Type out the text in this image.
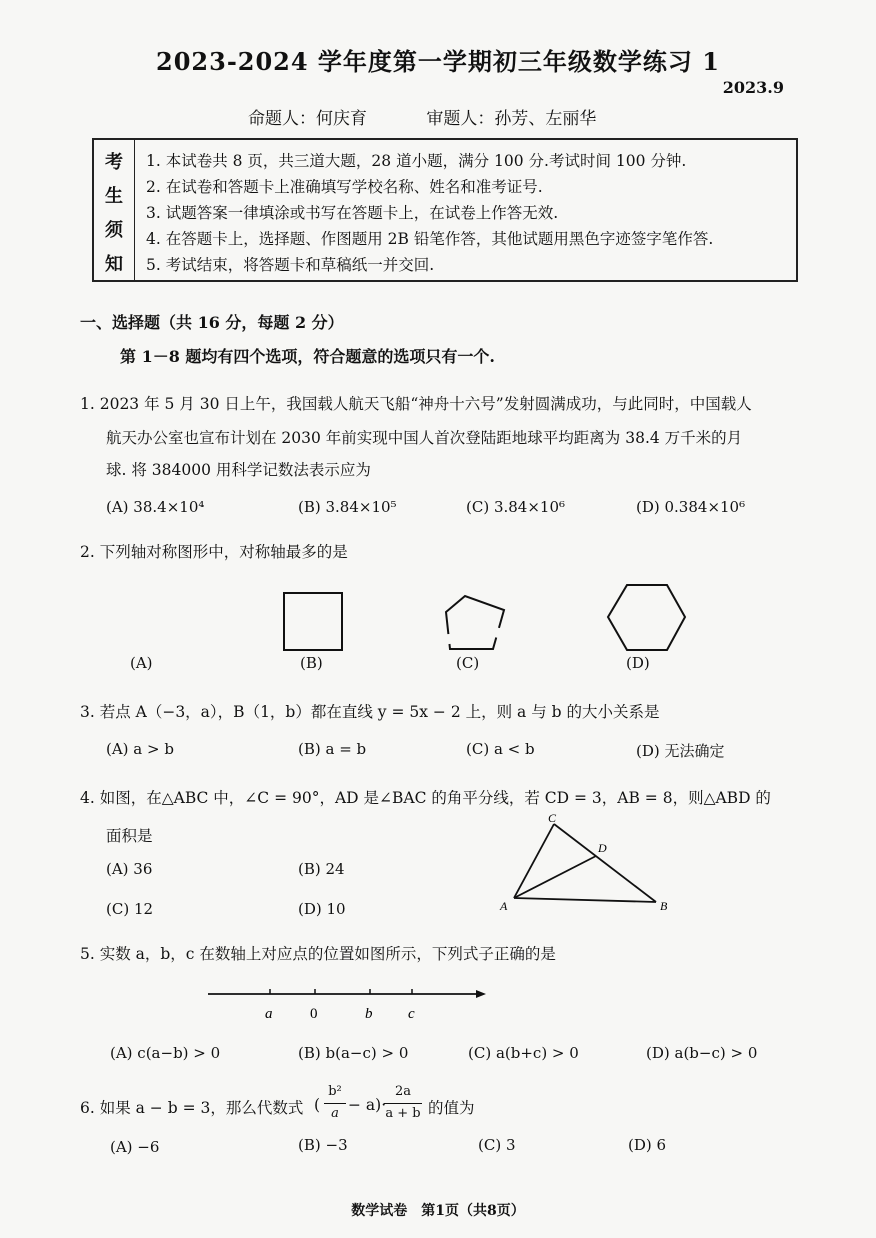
2023-2024 学年度第一学期初三年级数学练习 1
2023.9
命题人：何庆育	审题人：孙芳、左丽华
考
生
须
知
1. 本试卷共 8 页，共三道大题，28 道小题，满分 100 分.考试时间 100 分钟.
2. 在试卷和答题卡上准确填写学校名称、姓名和准考证号.
3. 试题答案一律填涂或书写在答题卡上，在试卷上作答无效.
4. 在答题卡上，选择题、作图题用 2B 铅笔作答，其他试题用黑色字迹签字笔作答.
5. 考试结束，将答题卡和草稿纸一并交回.
一、选择题（共 16 分，每题 2 分）
第 1－8 题均有四个选项，符合题意的选项只有一个.
1. 2023 年 5 月 30 日上午，我国载人航天飞船“神舟十六号”发射圆满成功，与此同时，中国载人
航天办公室也宣布计划在 2030 年前实现中国人首次登陆距地球平均距离为 38.4 万千米的月
球. 将 384000 用科学记数法表示应为
(A) 38.4×10⁴	(B) 3.84×10⁵	(C) 3.84×10⁶	(D) 0.384×10⁶
2. 下列轴对称图形中，对称轴最多的是
(A)	(B)	(C)	(D)
3. 若点 A（−3，a），B（1，b）都在直线 y = 5x − 2 上，则 a 与 b 的大小关系是
(A) a > b	(B) a = b	(C) a < b	(D) 无法确定
4. 如图，在△ABC 中，∠C = 90°，AD 是∠BAC 的角平分线，若 CD = 3，AB = 8，则△ABD 的
面积是
(A) 36	(B) 24
(C) 12	(D) 10	A	B
C
D
5. 实数 a，b，c 在数轴上对应点的位置如图所示，下列式子正确的是
a	0	b c
(A) c(a−b) > 0	(B) b(a−c) > 0	(C) a(b+c) > 0	(D) a(b−c) > 0
6. 如果 a − b = 3，那么代数式 (
b²
a − a)·
2a
a + b 的值为
(A) −6	(B) −3	(C) 3	(D) 6
数学试卷　第1页（共8页）
